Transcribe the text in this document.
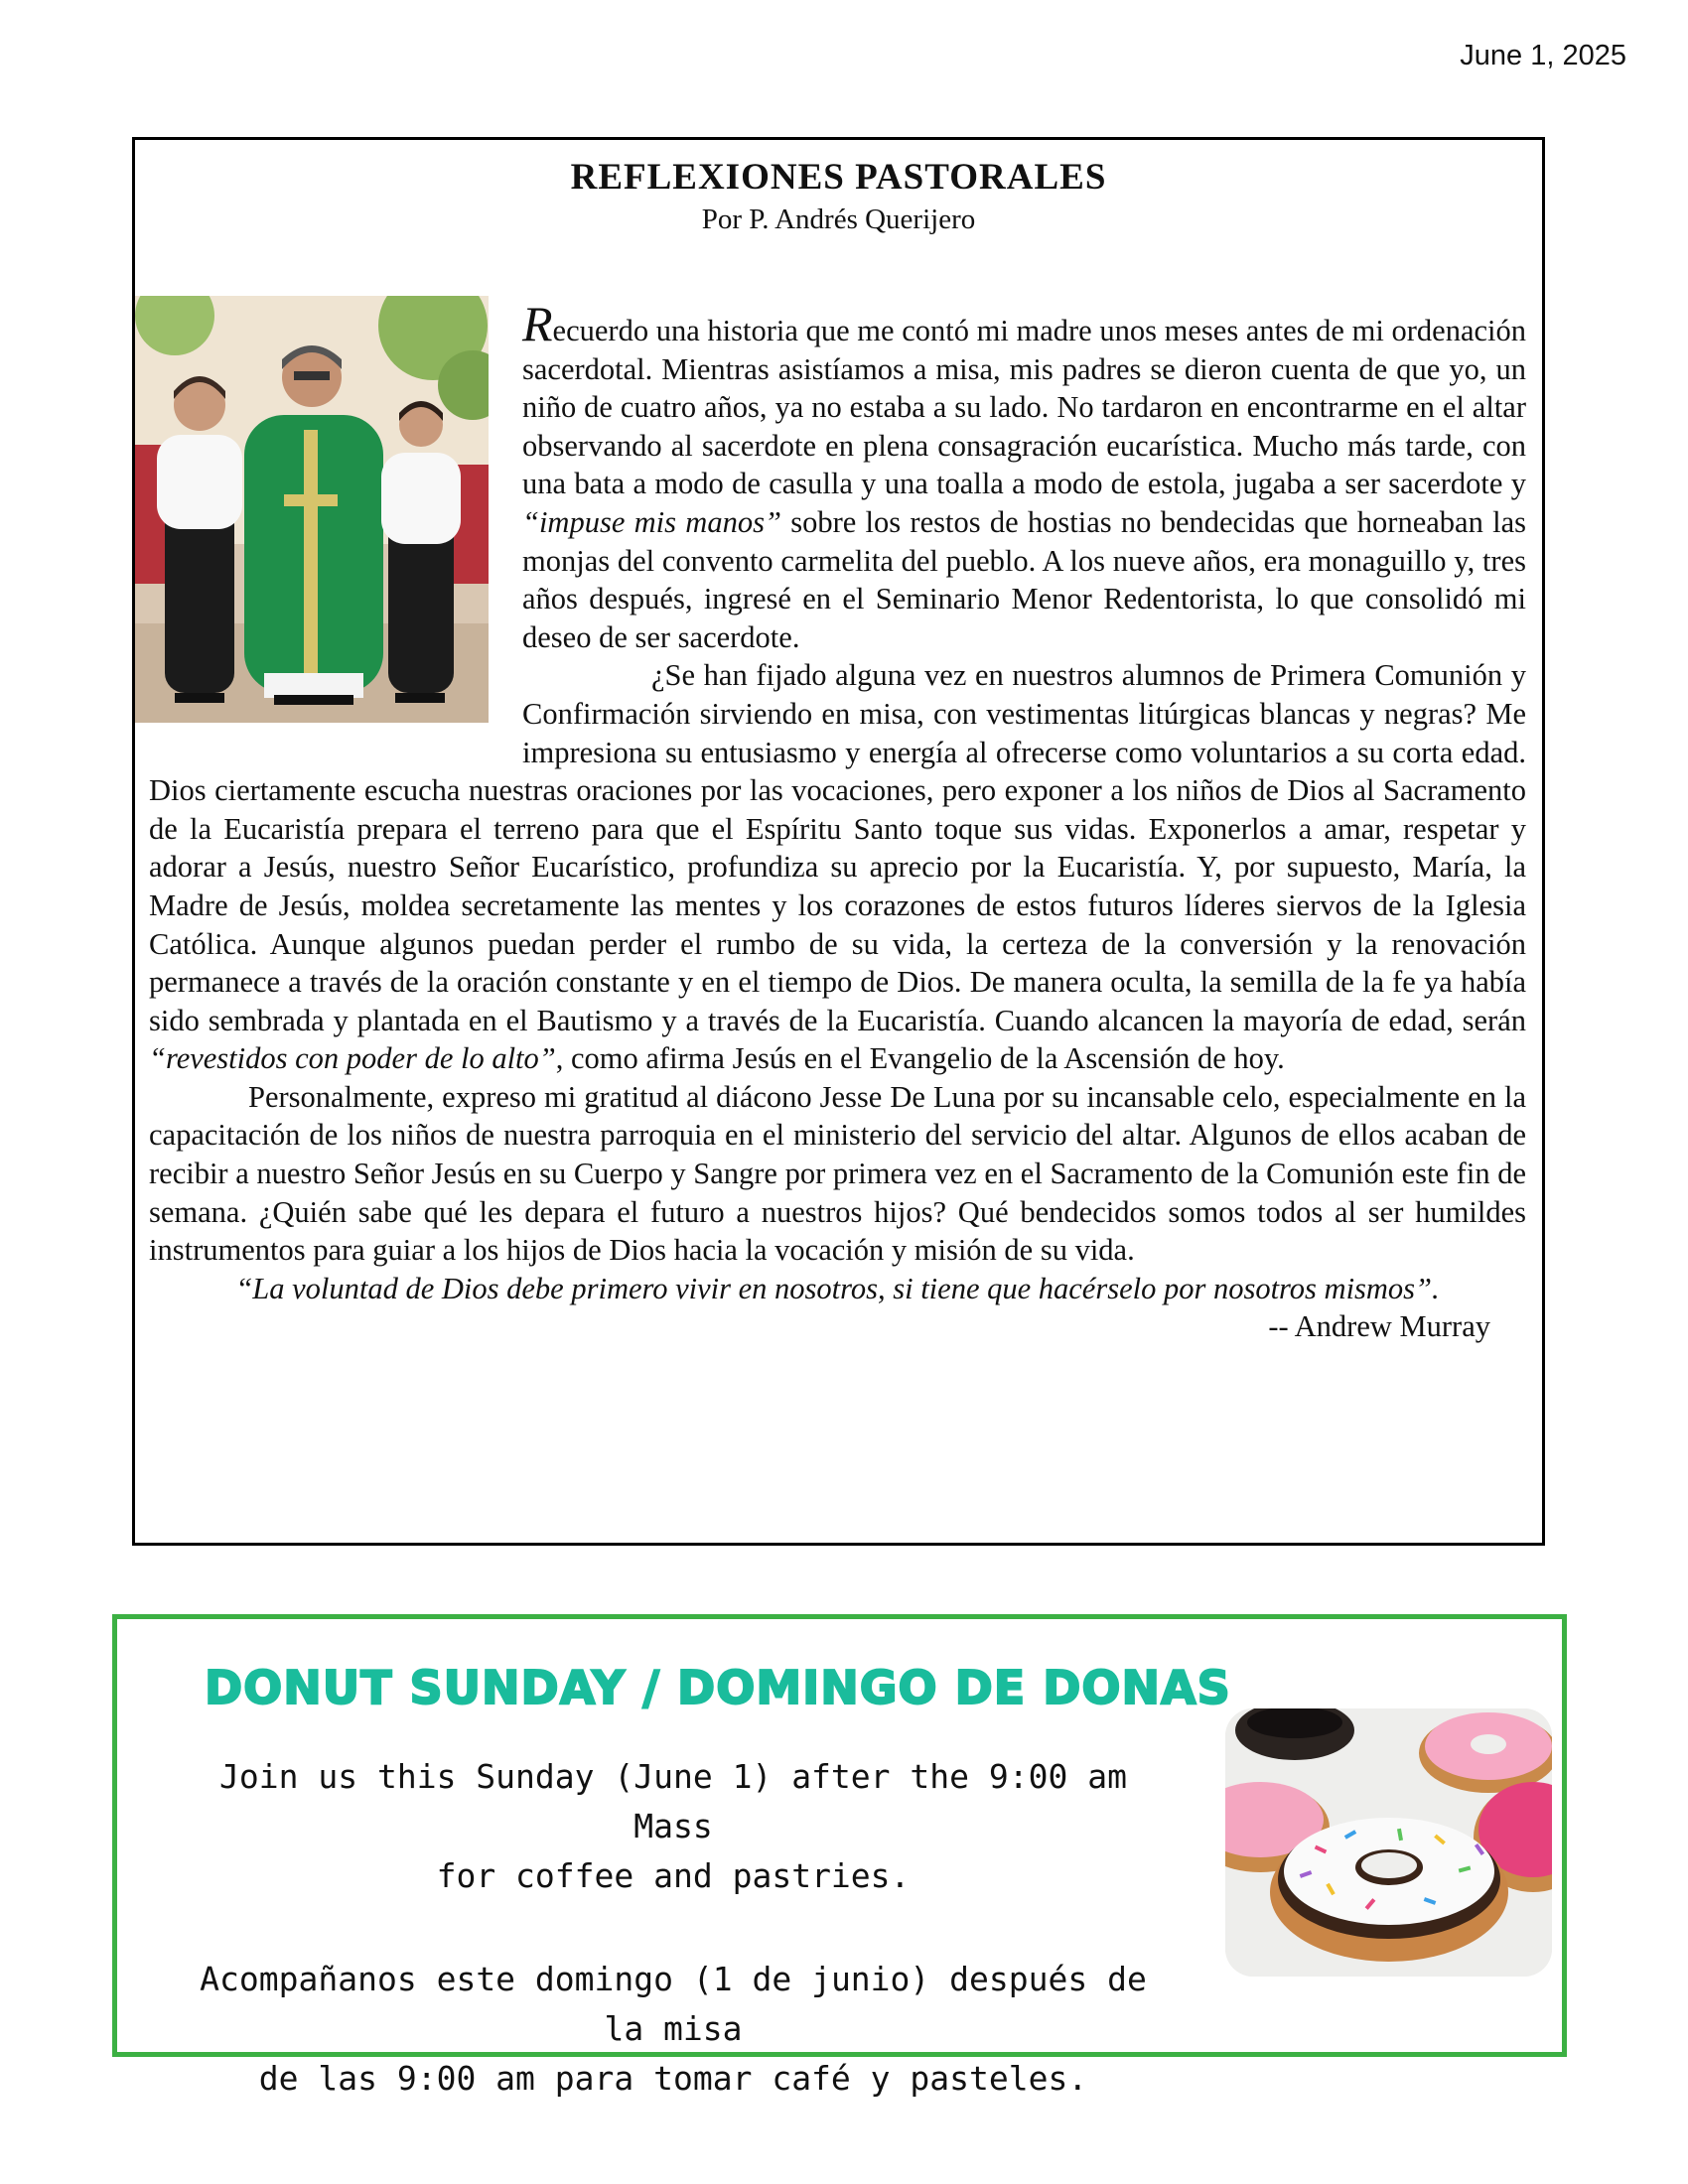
June 1, 2025
REFLEXIONES PASTORALES
Por P. Andrés Querijero

Recuerdo una historia que me contó mi madre unos meses antes de mi ordenación sacerdotal. Mientras asistíamos a misa, mis padres se dieron cuenta de que yo, un niño de cuatro años, ya no estaba a su lado. No tardaron en encontrarme en el altar observando al sacerdote en plena consagración eucarística. Mucho más tarde, con una bata a modo de casulla y una toalla a modo de estola, jugaba a ser sacerdote y “impuse mis manos” sobre los restos de hostias no bendecidas que horneaban las monjas del convento carmelita del pueblo. A los nueve años, era monaguillo y, tres años después, ingresé en el Seminario Menor Redentorista, lo que consolidó mi deseo de ser sacerdote.

¿Se han fijado alguna vez en nuestros alumnos de Primera Comunión y Confirmación sirviendo en misa, con vestimentas litúrgicas blancas y negras? Me impresiona su entusiasmo y energía al ofrecerse como voluntarios a su corta edad. Dios ciertamente escucha nuestras oraciones por las vocaciones, pero exponer a los niños de Dios al Sacramento de la Eucaristía prepara el terreno para que el Espíritu Santo toque sus vidas. Exponerlos a amar, respetar y adorar a Jesús, nuestro Señor Eucarístico, profundiza su aprecio por la Eucaristía. Y, por supuesto, María, la Madre de Jesús, moldea secretamente las mentes y los corazones de estos futuros líderes siervos de la Iglesia Católica. Aunque algunos puedan perder el rumbo de su vida, la certeza de la conversión y la renovación permanece a través de la oración constante y en el tiempo de Dios. De manera oculta, la semilla de la fe ya había sido sembrada y plantada en el Bautismo y a través de la Eucaristía. Cuando alcancen la mayoría de edad, serán “revestidos con poder de lo alto”, como afirma Jesús en el Evangelio de la Ascensión de hoy.

Personalmente, expreso mi gratitud al diácono Jesse De Luna por su incansable celo, especialmente en la capacitación de los niños de nuestra parroquia en el ministerio del servicio del altar. Algunos de ellos acaban de recibir a nuestro Señor Jesús en su Cuerpo y Sangre por primera vez en el Sacramento de la Comunión este fin de semana. ¿Quién sabe qué les depara el futuro a nuestros hijos? Qué bendecidos somos todos al ser humildes instrumentos para guiar a los hijos de Dios hacia la vocación y misión de su vida.

“La voluntad de Dios debe primero vivir en nosotros, si tiene que hacérselo por nosotros mismos”.

-- Andrew Murray

DONUT SUNDAY / DOMINGO DE DONAS

Join us this Sunday (June 1) after the 9:00 am Mass

for coffee and pastries.

Acompañanos este domingo (1 de junio) después de la misa

de las 9:00 am para tomar café y pasteles.
